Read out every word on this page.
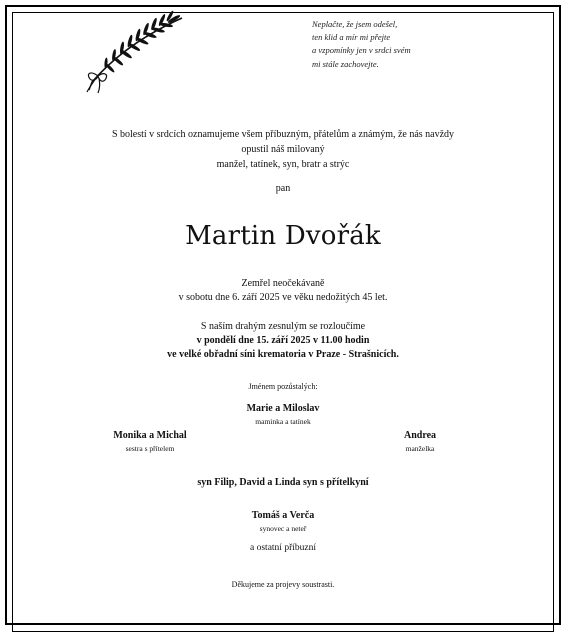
Neplačte, že jsem odešel,
ten klid a mír mi přejte
a vzpomínky jen v srdci svém
mi stále zachovejte.
S bolestí v srdcích oznamujeme všem příbuzným, přátelům a známým, že nás navždy
opustil náš milovaný
manžel, tatínek, syn, bratr a strýc
pan
Martin Dvořák
Zemřel neočekávaně
v sobotu dne 6. září 2025 ve věku nedožitých 45 let.
S naším drahým zesnulým se rozloučíme
v pondělí dne 15. září 2025 v 11.00 hodin
ve velké obřadní síni krematoria v Praze - Strašnicích.
Jménem pozůstalých:
Marie a Miloslav
maminka a tatínek
Monika a Michal
sestra s přítelem
Andrea
manželka
syn Filip, David a Linda syn s přítelkyní
Tomáš a Verča
synovec a neteř
a ostatní příbuzní
Děkujeme za projevy soustrasti.
